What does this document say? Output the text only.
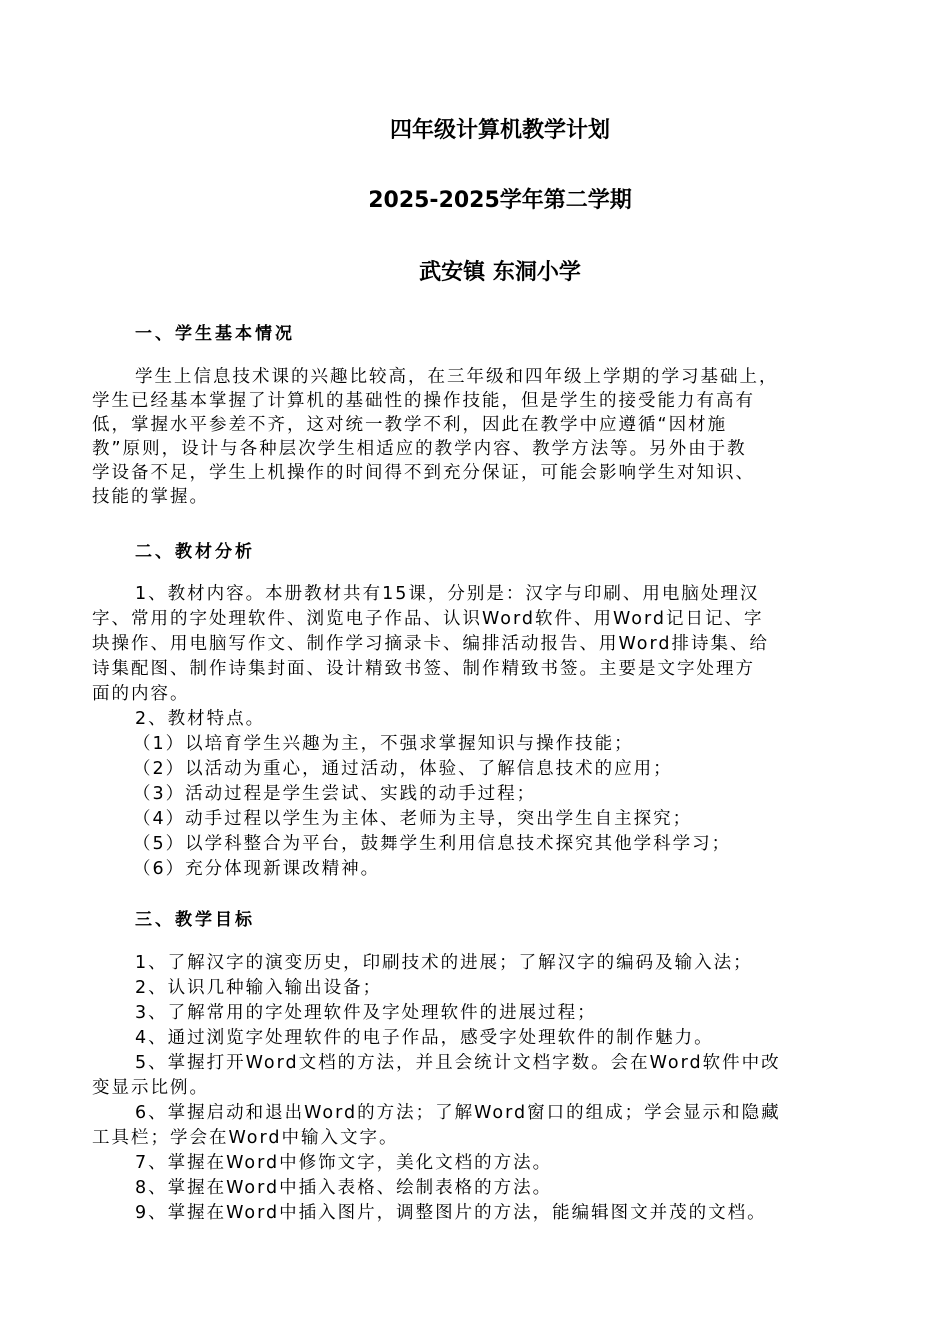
四年级计算机教学计划
2025-2025学年第二学期
武安镇 东洞小学
一、学生基本情况
学生上信息技术课的兴趣比较高，在三年级和四年级上学期的学习基础上，
学生已经基本掌握了计算机的基础性的操作技能，但是学生的接受能力有高有
低，掌握水平参差不齐，这对统一教学不利，因此在教学中应遵循“因材施
教”原则，设计与各种层次学生相适应的教学内容、教学方法等。另外由于教
学设备不足，学生上机操作的时间得不到充分保证，可能会影响学生对知识、
技能的掌握。
二、教材分析
1、教材内容。本册教材共有15课，分别是：汉字与印刷、用电脑处理汉
字、常用的字处理软件、浏览电子作品、认识Word软件、用Word记日记、字
块操作、用电脑写作文、制作学习摘录卡、编排活动报告、用Word排诗集、给
诗集配图、制作诗集封面、设计精致书签、制作精致书签。主要是文字处理方
面的内容。
2、教材特点。
（1）以培育学生兴趣为主，不强求掌握知识与操作技能；
（2）以活动为重心，通过活动，体验、了解信息技术的应用；
（3）活动过程是学生尝试、实践的动手过程；
（4）动手过程以学生为主体、老师为主导，突出学生自主探究；
（5）以学科整合为平台，鼓舞学生利用信息技术探究其他学科学习；
（6）充分体现新课改精神。
三、教学目标
1、了解汉字的演变历史，印刷技术的进展；了解汉字的编码及输入法；
2、认识几种输入输出设备；
3、了解常用的字处理软件及字处理软件的进展过程；
4、通过浏览字处理软件的电子作品，感受字处理软件的制作魅力。
5、掌握打开Word文档的方法，并且会统计文档字数。会在Word软件中改
变显示比例。
6、掌握启动和退出Word的方法；了解Word窗口的组成；学会显示和隐藏
工具栏；学会在Word中输入文字。
7、掌握在Word中修饰文字，美化文档的方法。
8、掌握在Word中插入表格、绘制表格的方法。
9、掌握在Word中插入图片，调整图片的方法，能编辑图文并茂的文档。
